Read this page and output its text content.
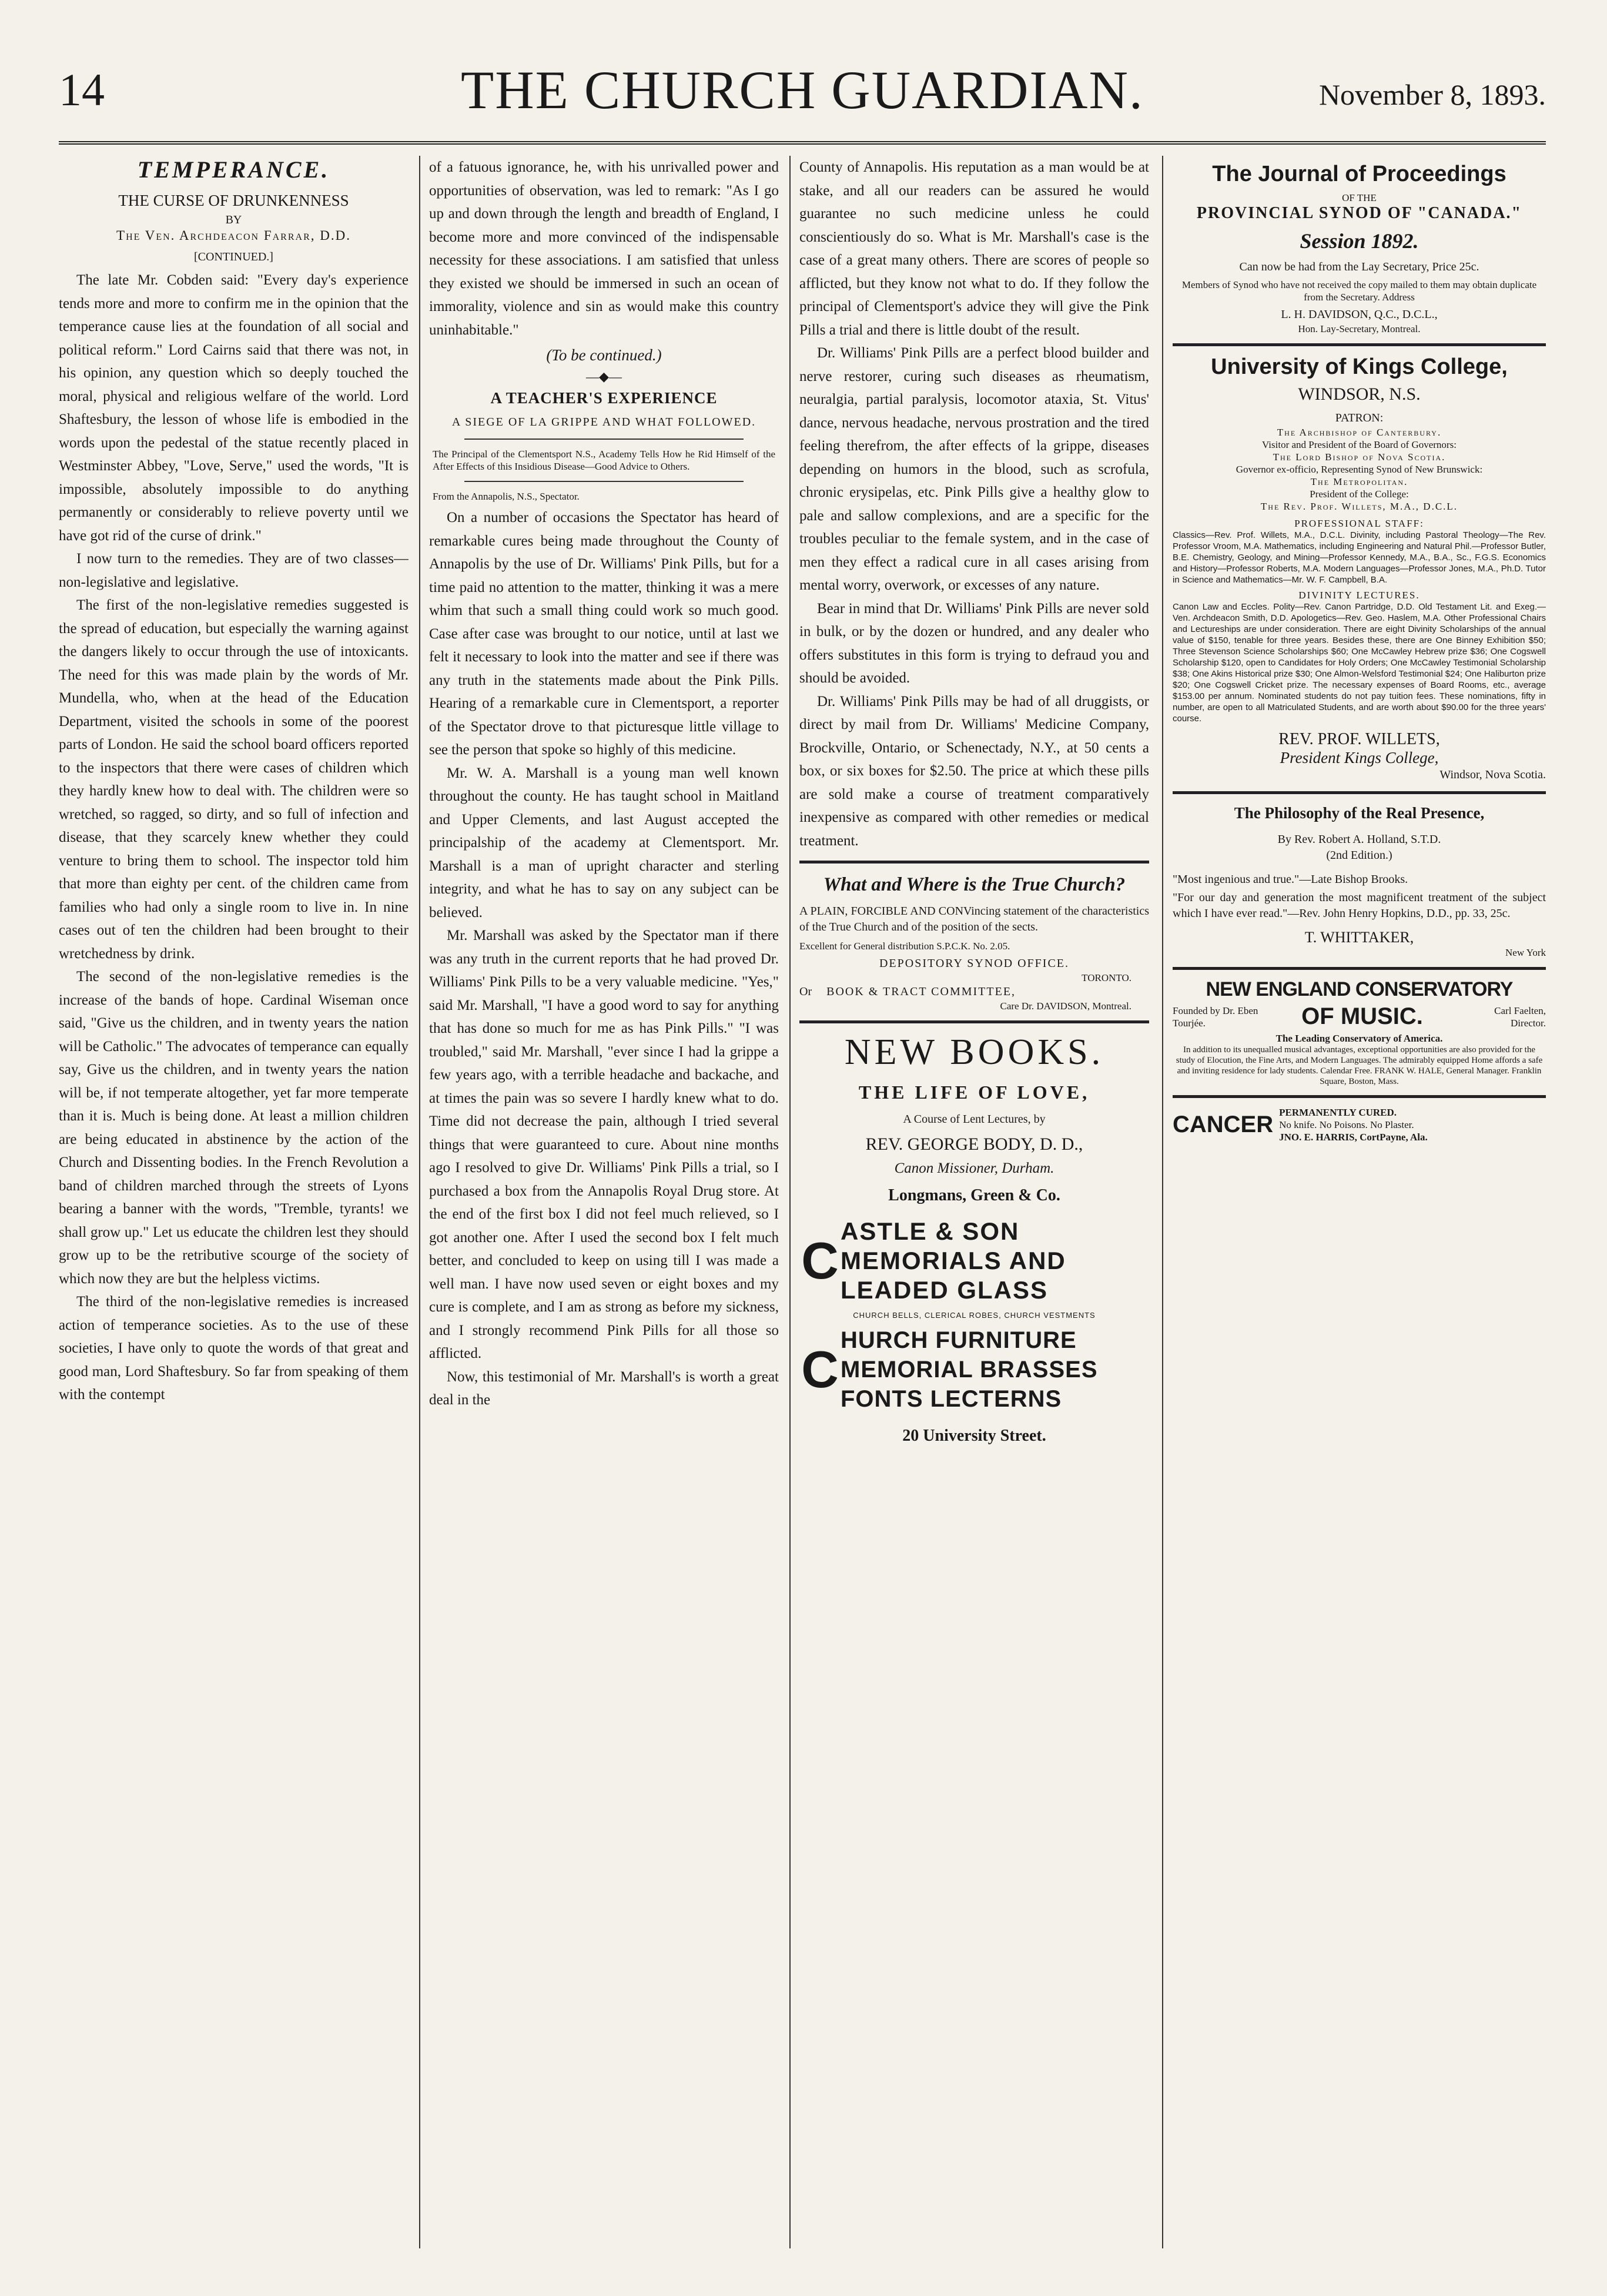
14	THE CHURCH GUARDIAN.	November 8, 1893.
TEMPERANCE.
THE CURSE OF DRUNKENNESS
BY
The Ven. Archdeacon Farrar, D.D.
[CONTINUED.]

The late Mr. Cobden said: "Every day's experience tends more and more to confirm me in the opinion that the temperance cause lies at the foundation of all social and political reform." Lord Cairns said that there was not, in his opinion, any question which so deeply touched the moral, physical and religious welfare of the world. Lord Shaftesbury, the lesson of whose life is embodied in the words upon the pedestal of the statue recently placed in Westminster Abbey, "Love, Serve," used the words, "It is impossible, absolutely impossible to do anything permanently or considerably to relieve poverty until we have got rid of the curse of drink."

I now turn to the remedies. They are of two classes—non-legislative and legislative.

The first of the non-legislative remedies suggested is the spread of education, but especially the warning against the dangers likely to occur through the use of intoxicants. The need for this was made plain by the words of Mr. Mundella, who, when at the head of the Education Department, visited the schools in some of the poorest parts of London. He said the school board officers reported to the inspectors that there were cases of children which they hardly knew how to deal with. The children were so wretched, so ragged, so dirty, and so full of infection and disease, that they scarcely knew whether they could venture to bring them to school. The inspector told him that more than eighty per cent. of the children came from families who had only a single room to live in. In nine cases out of ten the children had been brought to their wretchedness by drink.

The second of the non-legislative remedies is the increase of the bands of hope. Cardinal Wiseman once said, "Give us the children, and in twenty years the nation will be Catholic." The advocates of temperance can equally say, Give us the children, and in twenty years the nation will be, if not temperate altogether, yet far more temperate than it is. Much is being done. At least a million children are being educated in abstinence by the action of the Church and Dissenting bodies. In the French Revolution a band of children marched through the streets of Lyons bearing a banner with the words, "Tremble, tyrants! we shall grow up." Let us educate the children lest they should grow up to be the retributive scourge of the society of which now they are but the helpless victims.

The third of the non-legislative remedies is increased action of temperance societies. As to the use of these societies, I have only to quote the words of that great and good man, Lord Shaftesbury. So far from speaking of them with the contempt

of a fatuous ignorance, he, with his unrivalled power and opportunities of observation, was led to remark: "As I go up and down through the length and breadth of England, I become more and more convinced of the indispensable necessity for these associations. I am satisfied that unless they existed we should be immersed in such an ocean of immorality, violence and sin as would make this country uninhabitable."

(To be continued.)
—◆—
A TEACHER'S EXPERIENCE
A SIEGE OF LA GRIPPE AND WHAT FOLLOWED.
The Principal of the Clementsport N.S., Academy Tells How he Rid Himself of the After Effects of this Insidious Disease—Good Advice to Others.
From the Annapolis, N.S., Spectator.

On a number of occasions the Spectator has heard of remarkable cures being made throughout the County of Annapolis by the use of Dr. Williams' Pink Pills, but for a time paid no attention to the matter, thinking it was a mere whim that such a small thing could work so much good. Case after case was brought to our notice, until at last we felt it necessary to look into the matter and see if there was any truth in the statements made about the Pink Pills. Hearing of a remarkable cure in Clementsport, a reporter of the Spectator drove to that picturesque little village to see the person that spoke so highly of this medicine.

Mr. W. A. Marshall is a young man well known throughout the county. He has taught school in Maitland and Upper Clements, and last August accepted the principalship of the academy at Clementsport. Mr. Marshall is a man of upright character and sterling integrity, and what he has to say on any subject can be believed.

Mr. Marshall was asked by the Spectator man if there was any truth in the current reports that he had proved Dr. Williams' Pink Pills to be a very valuable medicine. "Yes," said Mr. Marshall, "I have a good word to say for anything that has done so much for me as has Pink Pills." "I was troubled," said Mr. Marshall, "ever since I had la grippe a few years ago, with a terrible headache and backache, and at times the pain was so severe I hardly knew what to do. Time did not decrease the pain, although I tried several things that were guaranteed to cure. About nine months ago I resolved to give Dr. Williams' Pink Pills a trial, so I purchased a box from the Annapolis Royal Drug store. At the end of the first box I did not feel much relieved, so I got another one. After I used the second box I felt much better, and concluded to keep on using till I was made a well man. I have now used seven or eight boxes and my cure is complete, and I am as strong as before my sickness, and I strongly recommend Pink Pills for all those so afflicted.

Now, this testimonial of Mr. Marshall's is worth a great deal in the

County of Annapolis. His reputation as a man would be at stake, and all our readers can be assured he would guarantee no such medicine unless he could conscientiously do so. What is Mr. Marshall's case is the case of a great many others. There are scores of people so afflicted, but they know not what to do. If they follow the principal of Clementsport's advice they will give the Pink Pills a trial and there is little doubt of the result.

Dr. Williams' Pink Pills are a perfect blood builder and nerve restorer, curing such diseases as rheumatism, neuralgia, partial paralysis, locomotor ataxia, St. Vitus' dance, nervous headache, nervous prostration and the tired feeling therefrom, the after effects of la grippe, diseases depending on humors in the blood, such as scrofula, chronic erysipelas, etc. Pink Pills give a healthy glow to pale and sallow complexions, and are a specific for the troubles peculiar to the female system, and in the case of men they effect a radical cure in all cases arising from mental worry, overwork, or excesses of any nature.

Bear in mind that Dr. Williams' Pink Pills are never sold in bulk, or by the dozen or hundred, and any dealer who offers substitutes in this form is trying to defraud you and should be avoided.

Dr. Williams' Pink Pills may be had of all druggists, or direct by mail from Dr. Williams' Medicine Company, Brockville, Ontario, or Schenectady, N.Y., at 50 cents a box, or six boxes for $2.50. The price at which these pills are sold make a course of treatment comparatively inexpensive as compared with other remedies or medical treatment.

What and Where is the True Church?
A PLAIN, FORCIBLE AND CONVincing statement of the characteristics of the True Church and of the position of the sects.
Excellent for General distribution S.P.C.K. No. 2.05.
DEPOSITORY SYNOD OFFICE.
TORONTO.
Or BOOK & TRACT COMMITTEE,
Care Dr. DAVIDSON, Montreal.
NEW BOOKS.
THE LIFE OF LOVE,
A Course of Lent Lectures, by
REV. GEORGE BODY, D. D.,
Canon Missioner, Durham.
Longmans, Green & Co.
C
ASTLE & SON
MEMORIALS AND
LEADED GLASS
CHURCH BELLS, CLERICAL ROBES, CHURCH VESTMENTS
C HURCH FURNITURE
MEMORIAL BRASSES
FONTS LECTERNS
20 University Street.
The Journal of Proceedings
OF THE
PROVINCIAL SYNOD OF "CANADA."
Session 1892.
Can now be had from the Lay Secretary, Price 25c.
Members of Synod who have not received the copy mailed to them may obtain duplicate from the Secretary. Address
L. H. DAVIDSON, Q.C., D.C.L.,
Hon. Lay-Secretary, Montreal.
University of Kings College,
WINDSOR, N.S.
PATRON:
The Archbishop of Canterbury.
Visitor and President of the Board of Governors:
The Lord Bishop of Nova Scotia.
Governor ex-officio, Representing Synod of New Brunswick:
The Metropolitan.
President of the College:
The Rev. Prof. Willets, M.A., D.C.L.
PROFESSIONAL STAFF:
Classics—Rev. Prof. Willets, M.A., D.C.L. Divinity, including Pastoral Theology—The Rev. Professor Vroom, M.A. Mathematics, including Engineering and Natural Phil.—Professor Butler, B.E. Chemistry, Geology, and Mining—Professor Kennedy, M.A., B.A., Sc., F.G.S. Economics and History—Professor Roberts, M.A. Modern Languages—Professor Jones, M.A., Ph.D. Tutor in Science and Mathematics—Mr. W. F. Campbell, B.A.
DIVINITY LECTURES.
Canon Law and Eccles. Polity—Rev. Canon Partridge, D.D. Old Testament Lit. and Exeg.—Ven. Archdeacon Smith, D.D. Apologetics—Rev. Geo. Haslem, M.A. Other Professional Chairs and Lectureships are under consideration. There are eight Divinity Scholarships of the annual value of $150, tenable for three years. Besides these, there are One Binney Exhibition $50; Three Stevenson Science Scholarships $60; One McCawley Hebrew prize $36; One Cogswell Scholarship $120, open to Candidates for Holy Orders; One McCawley Testimonial Scholarship $38; One Akins Historical prize $30; One Almon-Welsford Testimonial $24; One Haliburton prize $20; One Cogswell Cricket prize. The necessary expenses of Board Rooms, etc., average $153.00 per annum. Nominated students do not pay tuition fees. These nominations, fifty in number, are open to all Matriculated Students, and are worth about $90.00 for the three years' course.
REV. PROF. WILLETS,
President Kings College,
Windsor, Nova Scotia.
The Philosophy of the Real Presence,
By Rev. Robert A. Holland, S.T.D.
(2nd Edition.)
"Most ingenious and true."—Late Bishop Brooks.
"For our day and generation the most magnificent treatment of the subject which I have ever read."—Rev. John Henry Hopkins, D.D., pp. 33, 25c.
T. WHITTAKER,
New York
NEW ENGLAND CONSERVATORY
Founded by Dr. Eben Tourjée.	OF MUSIC.	Carl Faelten, Director.
The Leading Conservatory of America.
In addition to its unequalled musical advantages, exceptional opportunities are also provided for the study of Elocution, the Fine Arts, and Modern Languages. The admirably equipped Home affords a safe and inviting residence for lady students. Calendar Free. FRANK W. HALE, General Manager. Franklin Square, Boston, Mass.
CANCER PERMANENTLY CURED.
No knife. No Poisons. No Plaster.
JNO. E. HARRIS, CortPayne, Ala.
